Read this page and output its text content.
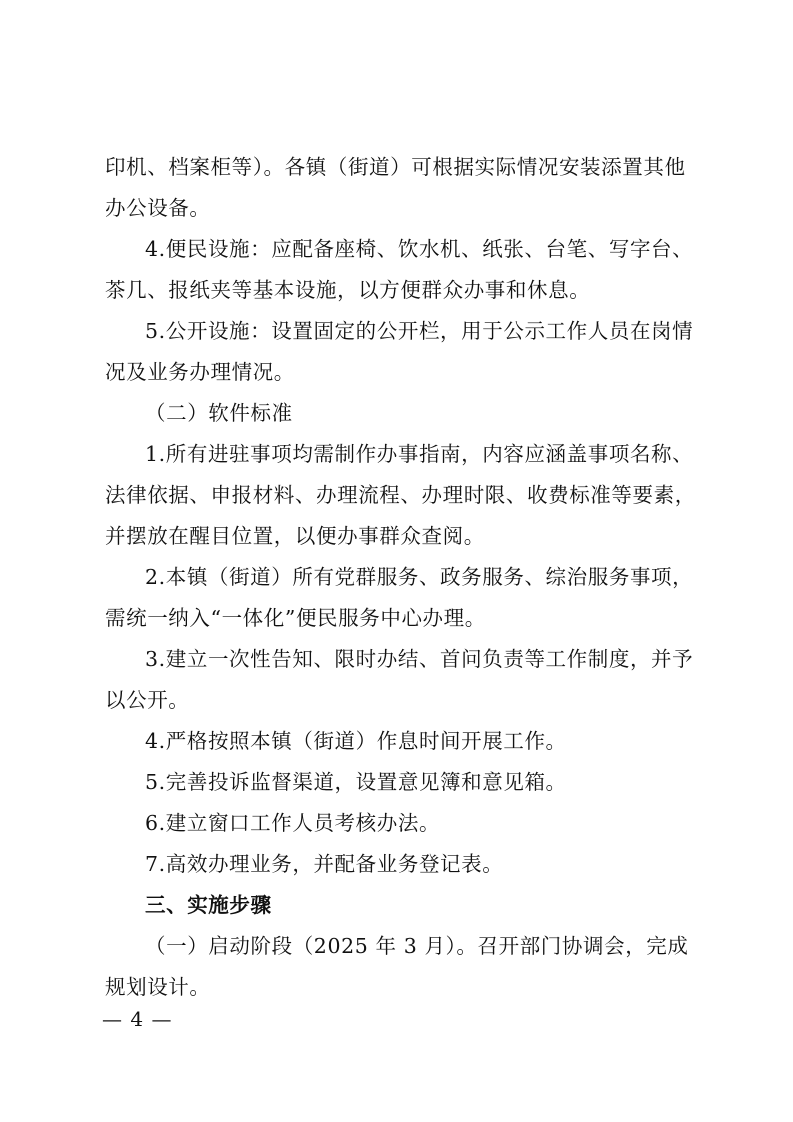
印机、档案柜等）。各镇（街道）可根据实际情况安装添置其他
办公设备。
4.便民设施：应配备座椅、饮水机、纸张、台笔、写字台、
茶几、报纸夹等基本设施，以方便群众办事和休息。
5.公开设施：设置固定的公开栏，用于公示工作人员在岗情
况及业务办理情况。
（二）软件标准
1.所有进驻事项均需制作办事指南，内容应涵盖事项名称、
法律依据、申报材料、办理流程、办理时限、收费标准等要素，
并摆放在醒目位置，以便办事群众查阅。
2.本镇（街道）所有党群服务、政务服务、综治服务事项，
需统一纳入“一体化”便民服务中心办理。
3.建立一次性告知、限时办结、首问负责等工作制度，并予
以公开。
4.严格按照本镇（街道）作息时间开展工作。
5.完善投诉监督渠道，设置意见簿和意见箱。
6.建立窗口工作人员考核办法。
7.高效办理业务，并配备业务登记表。
三、实施步骤
（一）启动阶段（2025 年 3 月）。召开部门协调会，完成
规划设计。
— 4 —
